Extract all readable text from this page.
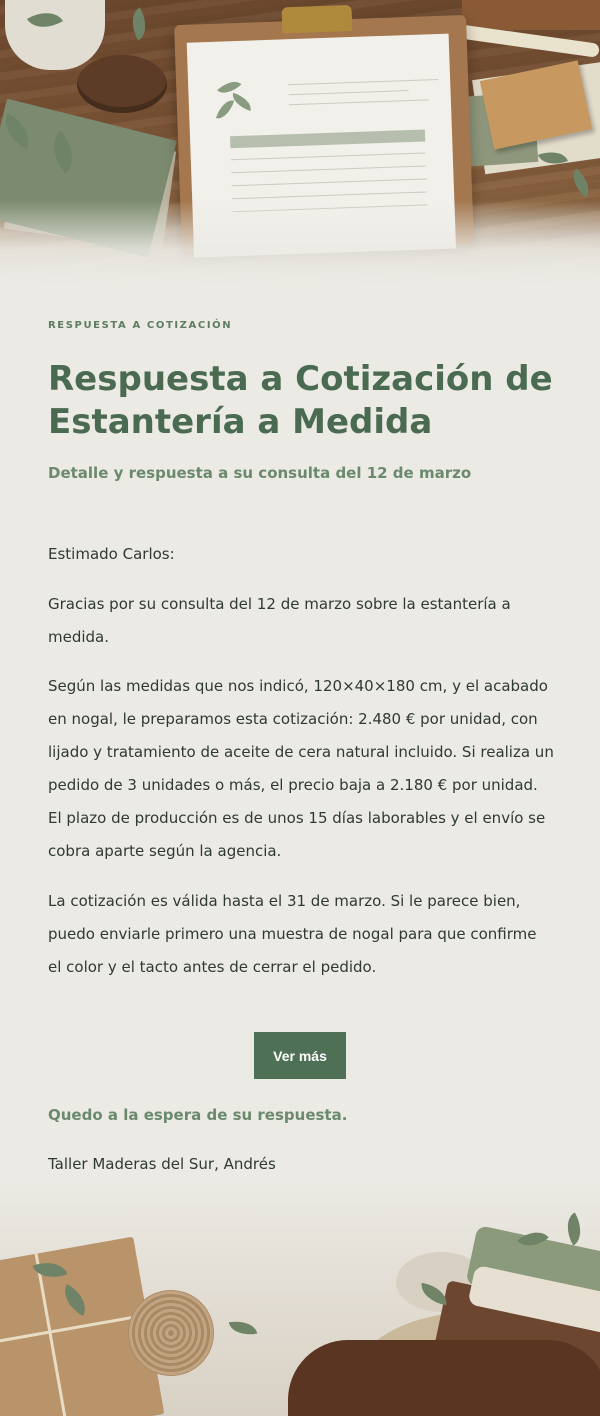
RESPUESTA A COTIZACIÓN
Respuesta a Cotización de Estantería a Medida
Detalle y respuesta a su consulta del 12 de marzo

Estimado Carlos:

Gracias por su consulta del 12 de marzo sobre la estantería a medida.

Según las medidas que nos indicó, 120×40×180 cm, y el acabado en nogal, le preparamos esta cotización: 2.480 € por unidad, con lijado y tratamiento de aceite de cera natural incluido. Si realiza un pedido de 3 unidades o más, el precio baja a 2.180 € por unidad. El plazo de producción es de unos 15 días laborables y el envío se cobra aparte según la agencia.

La cotización es válida hasta el 31 de marzo. Si le parece bien, puedo enviarle primero una muestra de nogal para que confirme el color y el tacto antes de cerrar el pedido.

Ver más
Quedo a la espera de su respuesta.
Taller Maderas del Sur, Andrés
